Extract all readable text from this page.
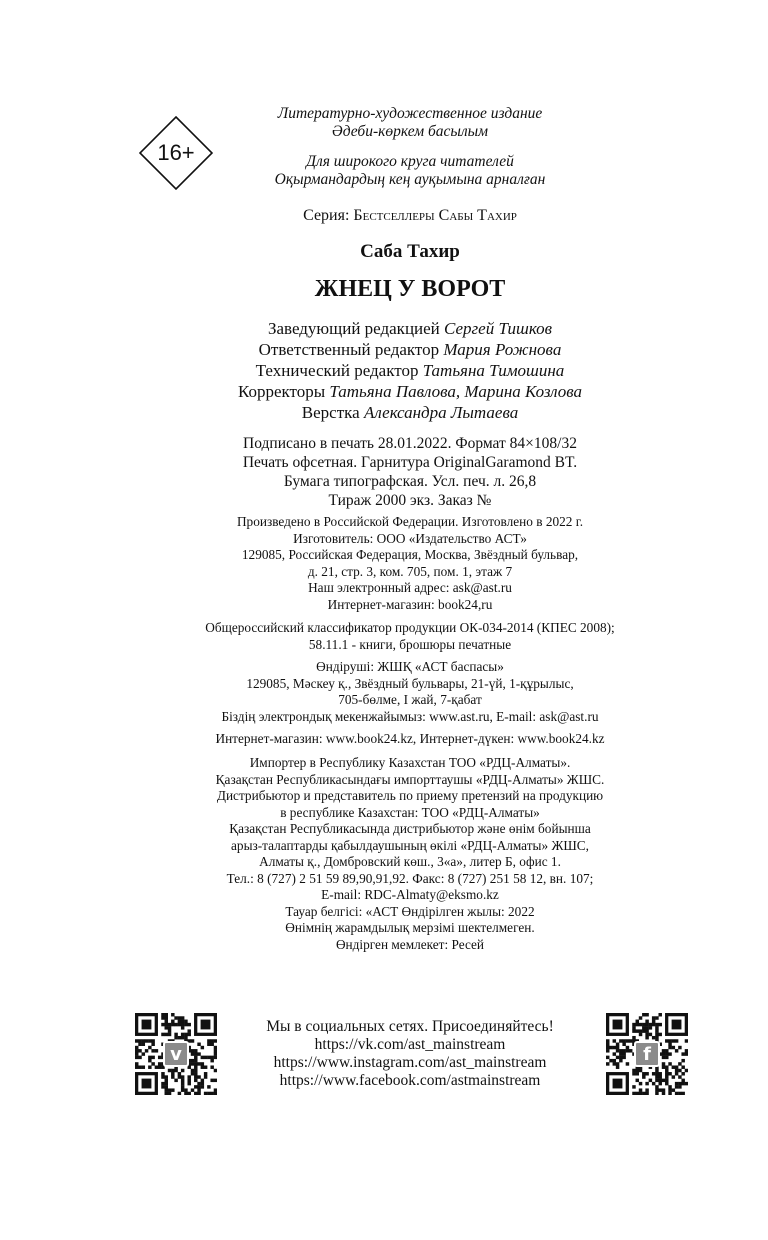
16+
Литературно-художественное издание
Әдеби-көркем басылым
Для широкого круга читателей
Оқырмандардың кең ауқымына арналған
Серия: Бестселлеры Сабы Тахир
Саба Тахир
ЖНЕЦ У ВОРОТ
Заведующий редакцией Сергей Тишков
Ответственный редактор Мария Рожнова
Технический редактор Татьяна Тимошина
Корректоры Татьяна Павлова, Марина Козлова
Верстка Александра Лытаева
Подписано в печать 28.01.2022. Формат 84×108/32
Печать офсетная. Гарнитура OriginalGaramond BT.
Бумага типографская. Усл. печ. л. 26,8
Тираж 2000 экз. Заказ №
Произведено в Российской Федерации. Изготовлено в 2022 г.
Изготовитель: ООО «Издательство АСТ»
129085, Российская Федерация, Москва, Звёздный бульвар,
д. 21, стр. 3, ком. 705, пом. 1, этаж 7
Наш электронный адрес: ask@ast.ru
Интернет-магазин: book24,ru
Общероссийский классификатор продукции ОК-034-2014 (КПЕС 2008);
58.11.1 - книги, брошюры печатные
Өндіруші: ЖШҚ «АСТ баспасы»
129085, Мәскеу қ., Звёздный бульвары, 21-үй, 1-құрылыс,
705-бөлме, I жай, 7-қабат
Біздің электрондық мекенжайымыз: www.ast.ru, E-mail: ask@ast.ru
Интернет-магазин: www.book24.kz, Интернет-дүкен: www.book24.kz
Импортер в Республику Казахстан ТОО «РДЦ-Алматы».
Қазақстан Республикасындағы импорттаушы «РДЦ-Алматы» ЖШС.
Дистрибьютор и представитель по приему претензий на продукцию
в республике Казахстан: ТОО «РДЦ-Алматы»
Қазақстан Республикасында дистрибьютор және өнім бойынша
арыз-талаптарды қабылдаушының өкілі «РДЦ-Алматы» ЖШС,
Алматы қ., Домбровский көш., 3«а», литер Б, офис 1.
Тел.: 8 (727) 2 51 59 89,90,91,92. Факс: 8 (727) 251 58 12, вн. 107;
E-mail: RDC-Almaty@eksmo.kz
Тауар белгісі: «АСТ Өндірілген жылы: 2022
Өнімнің жарамдылық мерзімі шектелмеген.
Өндірген мемлекет: Ресей
v	f
Мы в социальных сетях. Присоединяйтесь!
https://vk.com/ast_mainstream
https://www.instagram.com/ast_mainstream
https://www.facebook.com/astmainstream
